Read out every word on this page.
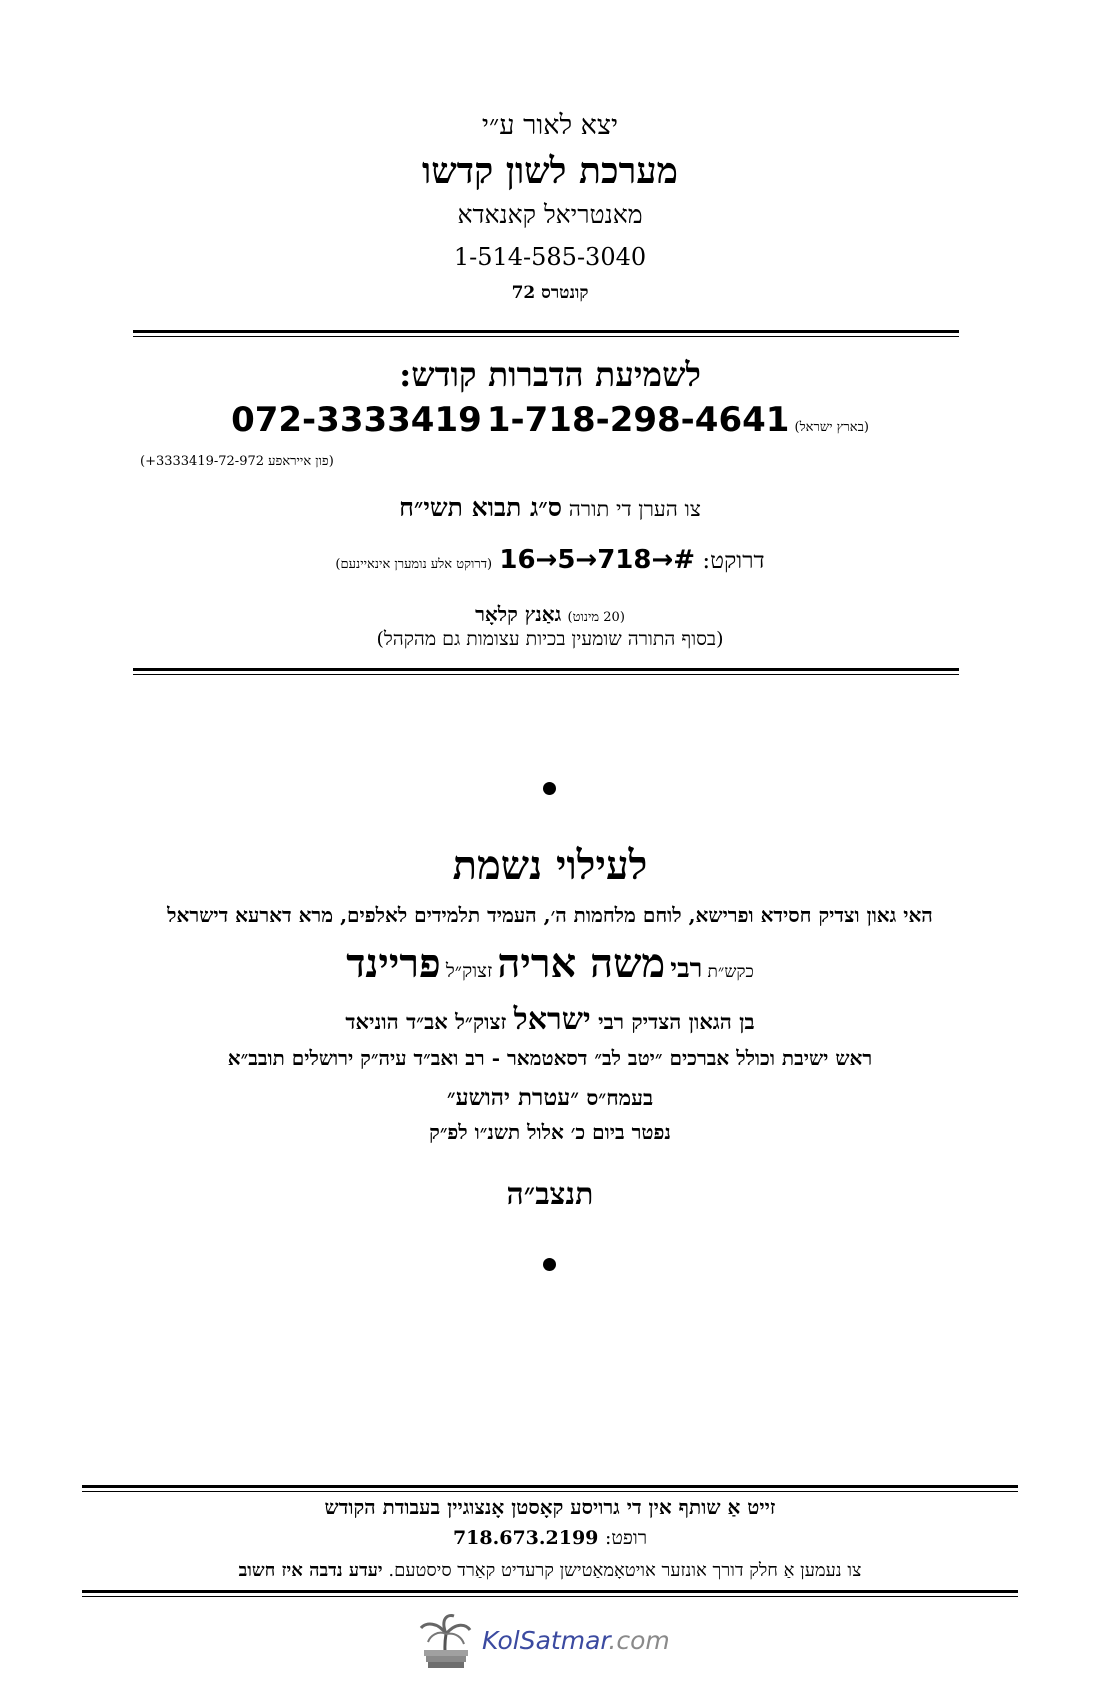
יצא לאור ע״י
מערכת לשון קדשו
מאנטריאל קאנאדא
1-514-585-3040
קונטרס 72
לשמיעת הדברות קודש:
072-3333419	(בארץ ישראל) 1-718-298-4641
(פון אייראפע 3333419-72-972+)
צו הערן די תורה ס״ג תבוא תשי״ח
דרוקט: 16→5→718→# (דרוקט אלע נומערן אינאיינעם)
(20 מינוט) גאַנץ קלאָר
(בסוף התורה שומעין בכיות עצומות גם מהקהל)
לעילוי נשמת
האי גאון וצדיק חסידא ופרישא, לוחם מלחמות ה׳, העמיד תלמידים לאלפים, מרא דארעא דישראל
כקש״ת רבי משה אריה זצוק״ל פריינד
בן הגאון הצדיק רבי ישראל זצוק״ל אב״ד הוניאד
ראש ישיבת וכולל אברכים ״יטב לב״ דסאטמאר - רב ואב״ד עיה״ק ירושלים תובב״א
בעמח״ס ״עטרת יהושע״
נפטר ביום כ׳ אלול תשנ״ו לפ״ק
תנצב״ה
זייט אַ שותף אין די גרויסע קאָסטן אָנצוגיין בעבודת הקודש
רופט: 718.673.2199
צו נעמען אַ חלק דורך אונזער אויטאָמאַטישן קרעדיט קאַרד סיסטעם. יעדע נדבה איז חשוב
KolSatmar.com
